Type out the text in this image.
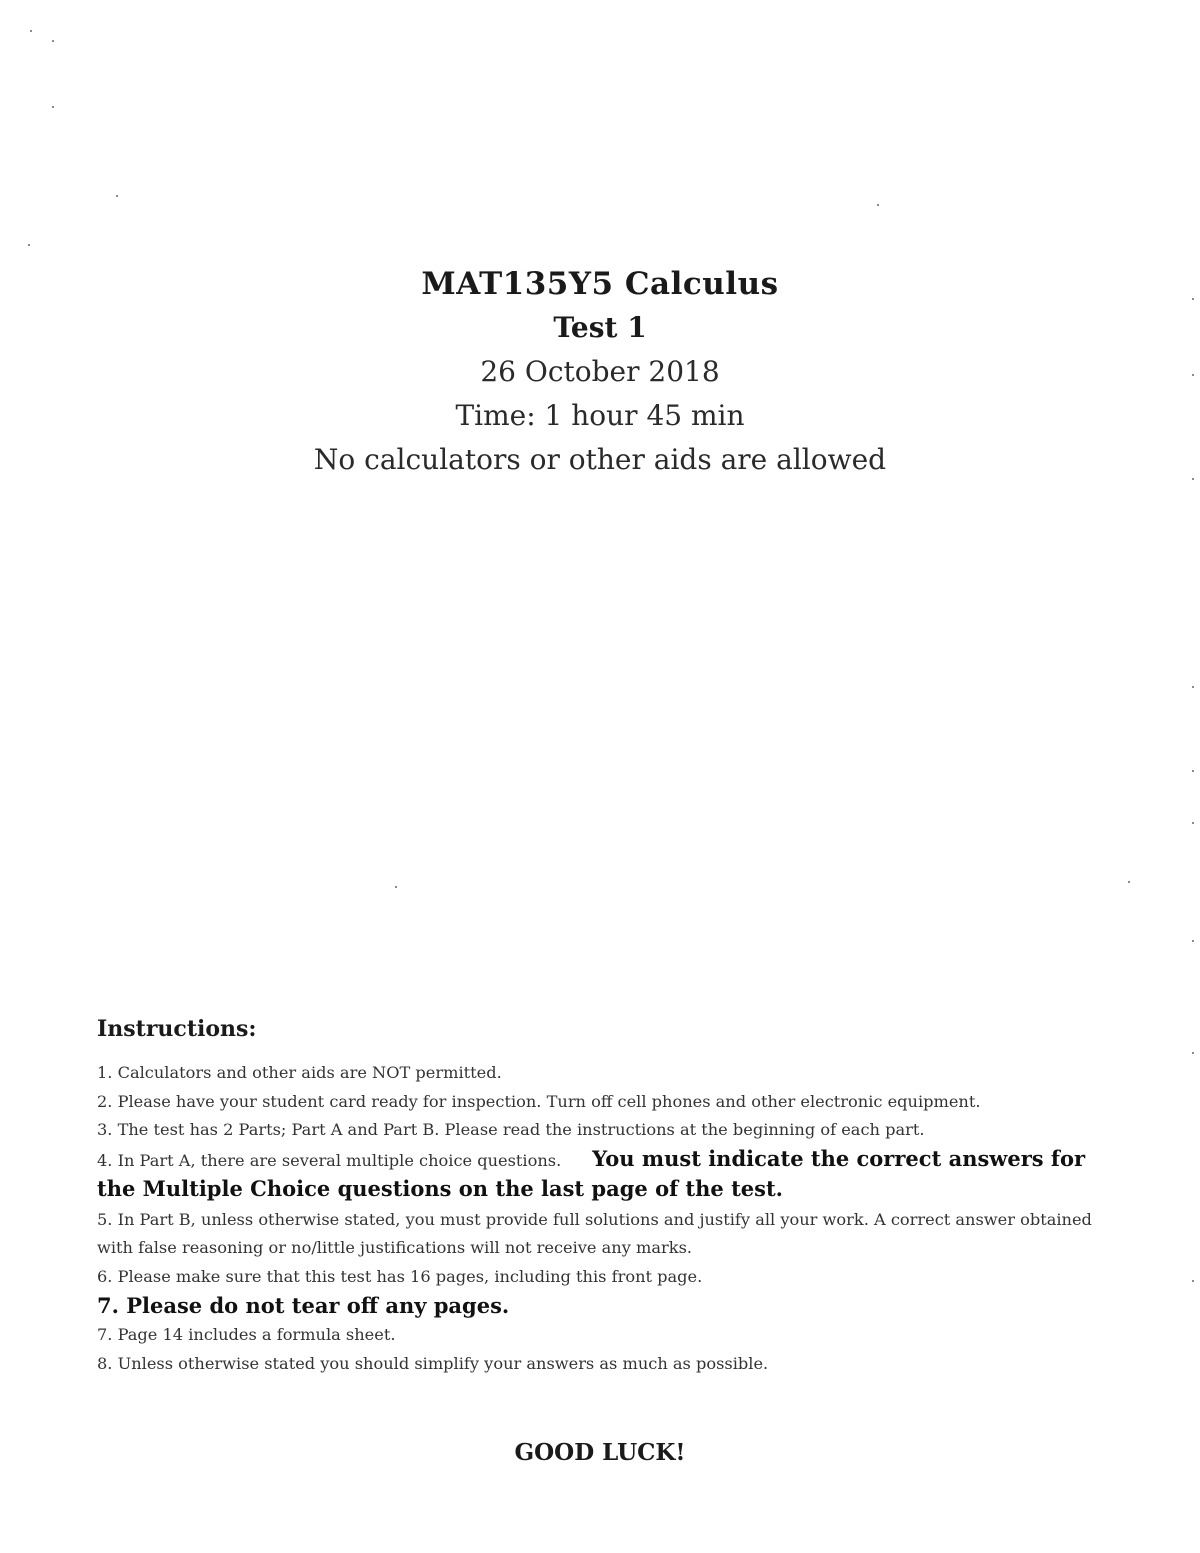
MAT135Y5 Calculus
Test 1

26 October 2018

Time: 1 hour 45 min

No calculators or other aids are allowed

Instructions:
1. Calculators and other aids are NOT permitted.
2. Please have your student card ready for inspection. Turn off cell phones and other electronic equipment.
3. The test has 2 Parts; Part A and Part B. Please read the instructions at the beginning of each part.
4. In Part A, there are several multiple choice questions. You must indicate the correct answers for the Multiple Choice questions on the last page of the test.
5. In Part B, unless otherwise stated, you must provide full solutions and justify all your work. A correct answer obtained with false reasoning or no/little justifications will not receive any marks.
6. Please make sure that this test has 16 pages, including this front page.
7. Please do not tear off any pages.
7. Page 14 includes a formula sheet.
8. Unless otherwise stated you should simplify your answers as much as possible.

GOOD LUCK!
